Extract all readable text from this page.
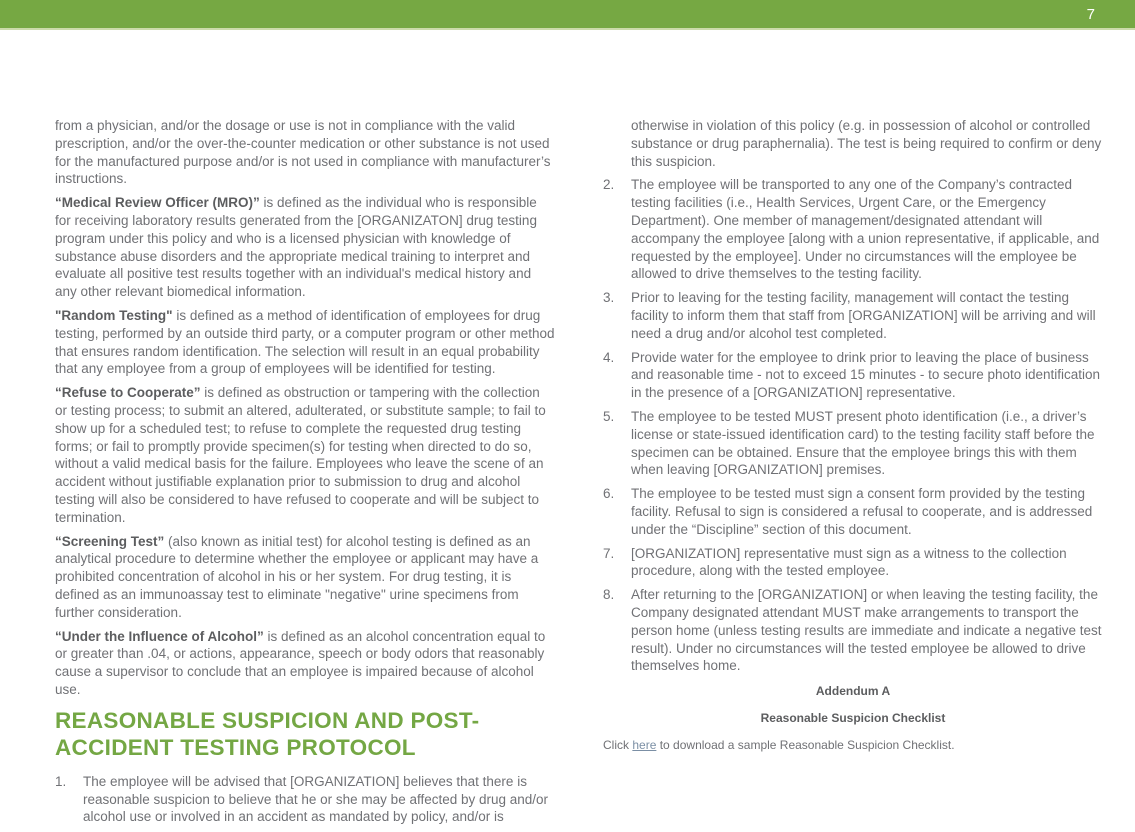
7

from a physician, and/or the dosage or use is not in compliance with the valid prescription, and/or the over-the-counter medication or other substance is not used for the manufactured purpose and/or is not used in compliance with manufacturer’s instructions.

“Medical Review Officer (MRO)” is defined as the individual who is responsible for receiving laboratory results generated from the [ORGANIZATON] drug testing program under this policy and who is a licensed physician with knowledge of substance abuse disorders and the appropriate medical training to interpret and evaluate all positive test results together with an individual's medical history and any other relevant biomedical information.

"Random Testing" is defined as a method of identification of employees for drug testing, performed by an outside third party, or a computer program or other method that ensures random identification. The selection will result in an equal probability that any employee from a group of employees will be identified for testing.

“Refuse to Cooperate” is defined as obstruction or tampering with the collection or testing process; to submit an altered, adulterated, or substitute sample; to fail to show up for a scheduled test; to refuse to complete the requested drug testing forms; or fail to promptly provide specimen(s) for testing when directed to do so, without a valid medical basis for the failure. Employees who leave the scene of an accident without justifiable explanation prior to submission to drug and alcohol testing will also be considered to have refused to cooperate and will be subject to termination.

“Screening Test” (also known as initial test) for alcohol testing is defined as an analytical procedure to determine whether the employee or applicant may have a prohibited concentration of alcohol in his or her system. For drug testing, it is defined as an immunoassay test to eliminate "negative" urine specimens from further consideration.

“Under the Influence of Alcohol” is defined as an alcohol concentration equal to or greater than .04, or actions, appearance, speech or body odors that reasonably cause a supervisor to conclude that an employee is impaired because of alcohol use.

REASONABLE SUSPICION AND POST-ACCIDENT TESTING PROTOCOL
1.	The employee will be advised that [ORGANIZATION] believes that there is reasonable suspicion to believe that he or she may be affected by drug and/or alcohol use or involved in an accident as mandated by policy, and/or is

otherwise in violation of this policy (e.g. in possession of alcohol or controlled substance or drug paraphernalia). The test is being required to confirm or deny this suspicion.

2.	The employee will be transported to any one of the Company’s contracted testing facilities (i.e., Health Services, Urgent Care, or the Emergency Department). One member of management/designated attendant will accompany the employee [along with a union representative, if applicable, and requested by the employee]. Under no circumstances will the employee be allowed to drive themselves to the testing facility.
3.	Prior to leaving for the testing facility, management will contact the testing facility to inform them that staff from [ORGANIZATION] will be arriving and will need a drug and/or alcohol test completed.
4.	Provide water for the employee to drink prior to leaving the place of business and reasonable time - not to exceed 15 minutes - to secure photo identification in the presence of a [ORGANIZATION] representative.
5.	The employee to be tested MUST present photo identification (i.e., a driver’s license or state-issued identification card) to the testing facility staff before the specimen can be obtained. Ensure that the employee brings this with them when leaving [ORGANIZATION] premises.
6.	The employee to be tested must sign a consent form provided by the testing facility. Refusal to sign is considered a refusal to cooperate, and is addressed under the “Discipline” section of this document.
7.	[ORGANIZATION] representative must sign as a witness to the collection procedure, along with the tested employee.
8.	After returning to the [ORGANIZATION] or when leaving the testing facility, the Company designated attendant MUST make arrangements to transport the person home (unless testing results are immediate and indicate a negative test result). Under no circumstances will the tested employee be allowed to drive themselves home.

Addendum A

Reasonable Suspicion Checklist

Click here to download a sample Reasonable Suspicion Checklist.
